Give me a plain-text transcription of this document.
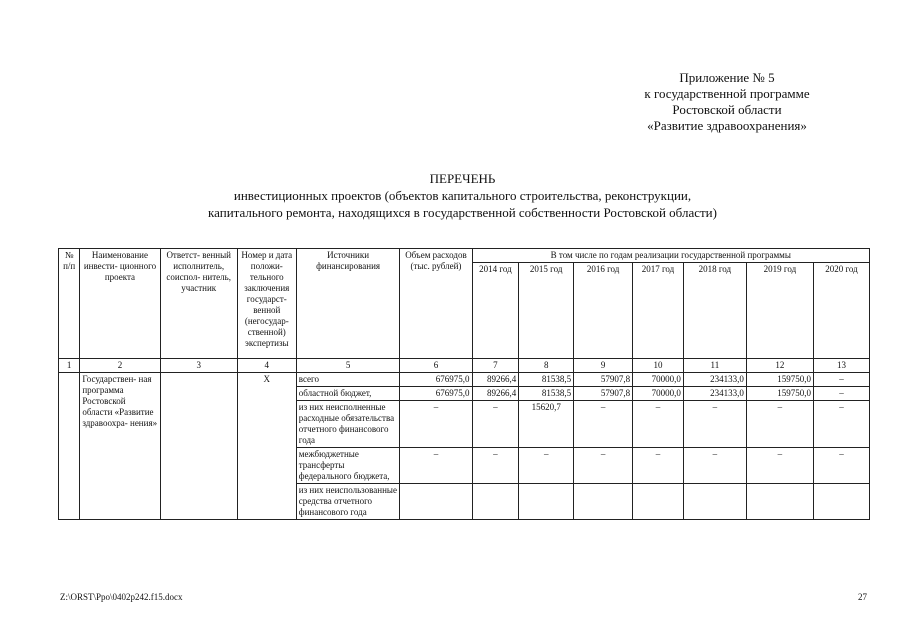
Приложение № 5
к государственной программе
Ростовской области
«Развитие здравоохранения»
ПЕРЕЧЕНЬ
инвестиционных проектов (объектов капитального строительства, реконструкции,
капитального ремонта, находящихся в государственной собственности Ростовской области)
№ п/п	Наименование инвести- ционного проекта	Ответст- венный исполнитель, соиспол- нитель, участник	Номер и дата положи- тельного заключения государст- венной (негосудар- ственной) экспертизы	Источники финансирования	Объем расходов (тыс. рублей)	В том числе по годам реализации государственной программы						
						2014 год	2015 год	2016 год	2017 год	2018 год	2019 год	2020 год
1	2	3	4	5	6	7	8	9	10	11	12	13
	Государствен- ная программа Ростовской области «Развитие здравоохра- нения»		Х	всего	676975,0	89266,4	81538,5	57907,8	70000,0	234133,0	159750,0	–
				областной бюджет,	676975,0	89266,4	81538,5	57907,8	70000,0	234133,0	159750,0	–
				из них неисполненные расходные обязательства отчетного финансового года	–	–	15620,7	–	–	–	–	–
				межбюджетные трансферты федерального бюджета,	–	–	–	–	–	–	–	–
				из них неиспользованные средства отчетного финансового года								
Z:\ORST\Ppo\0402p242.f15.docx	27
